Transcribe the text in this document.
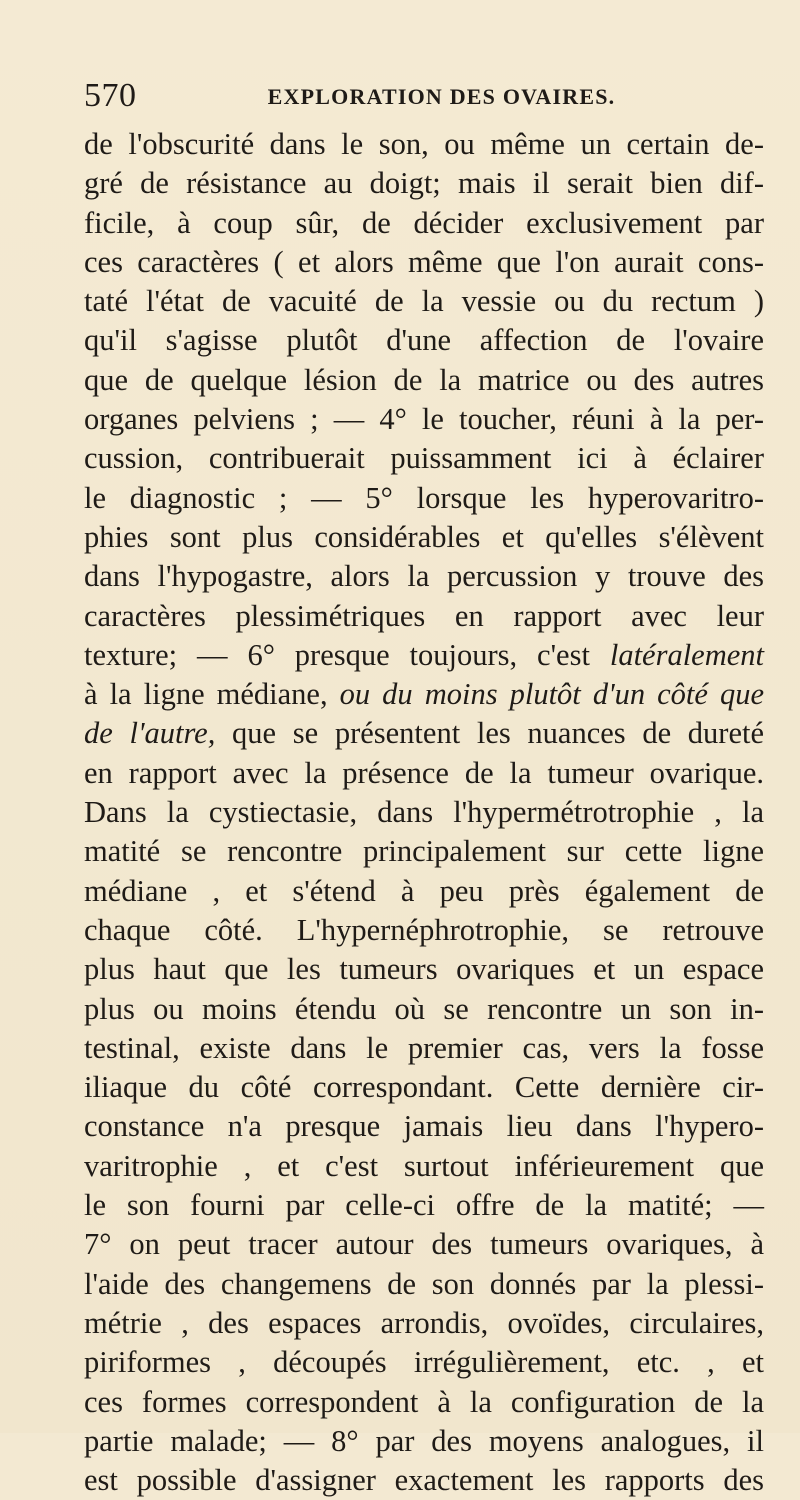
570	EXPLORATION DES OVAIRES.
de l'obscurité dans le son, ou même un certain de-
gré de résistance au doigt; mais il serait bien dif-
ficile, à coup sûr, de décider exclusivement par
ces caractères ( et alors même que l'on aurait cons-
taté l'état de vacuité de la vessie ou du rectum )
qu'il s'agisse plutôt d'une affection de l'ovaire
que de quelque lésion de la matrice ou des autres
organes pelviens ; — 4° le toucher, réuni à la per-
cussion, contribuerait puissamment ici à éclairer
le diagnostic ; — 5° lorsque les hyperovaritro-
phies sont plus considérables et qu'elles s'élèvent
dans l'hypogastre, alors la percussion y trouve des
caractères plessimétriques en rapport avec leur
texture; — 6° presque toujours, c'est latéralement
à la ligne médiane, ou du moins plutôt d'un côté que
de l'autre, que se présentent les nuances de dureté
en rapport avec la présence de la tumeur ovarique.
Dans la cystiectasie, dans l'hypermétrotrophie , la
matité se rencontre principalement sur cette ligne
médiane , et s'étend à peu près également de
chaque côté. L'hypernéphrotrophie, se retrouve
plus haut que les tumeurs ovariques et un espace
plus ou moins étendu où se rencontre un son in-
testinal, existe dans le premier cas, vers la fosse
iliaque du côté correspondant. Cette dernière cir-
constance n'a presque jamais lieu dans l'hypero-
varitrophie , et c'est surtout inférieurement que
le son fourni par celle-ci offre de la matité; —
7° on peut tracer autour des tumeurs ovariques, à
l'aide des changemens de son donnés par la plessi-
métrie , des espaces arrondis, ovoïdes, circulaires,
piriformes , découpés irrégulièrement, etc. , et
ces formes correspondent à la configuration de la
partie malade; — 8° par des moyens analogues, il
est possible d'assigner exactement les rapports des
